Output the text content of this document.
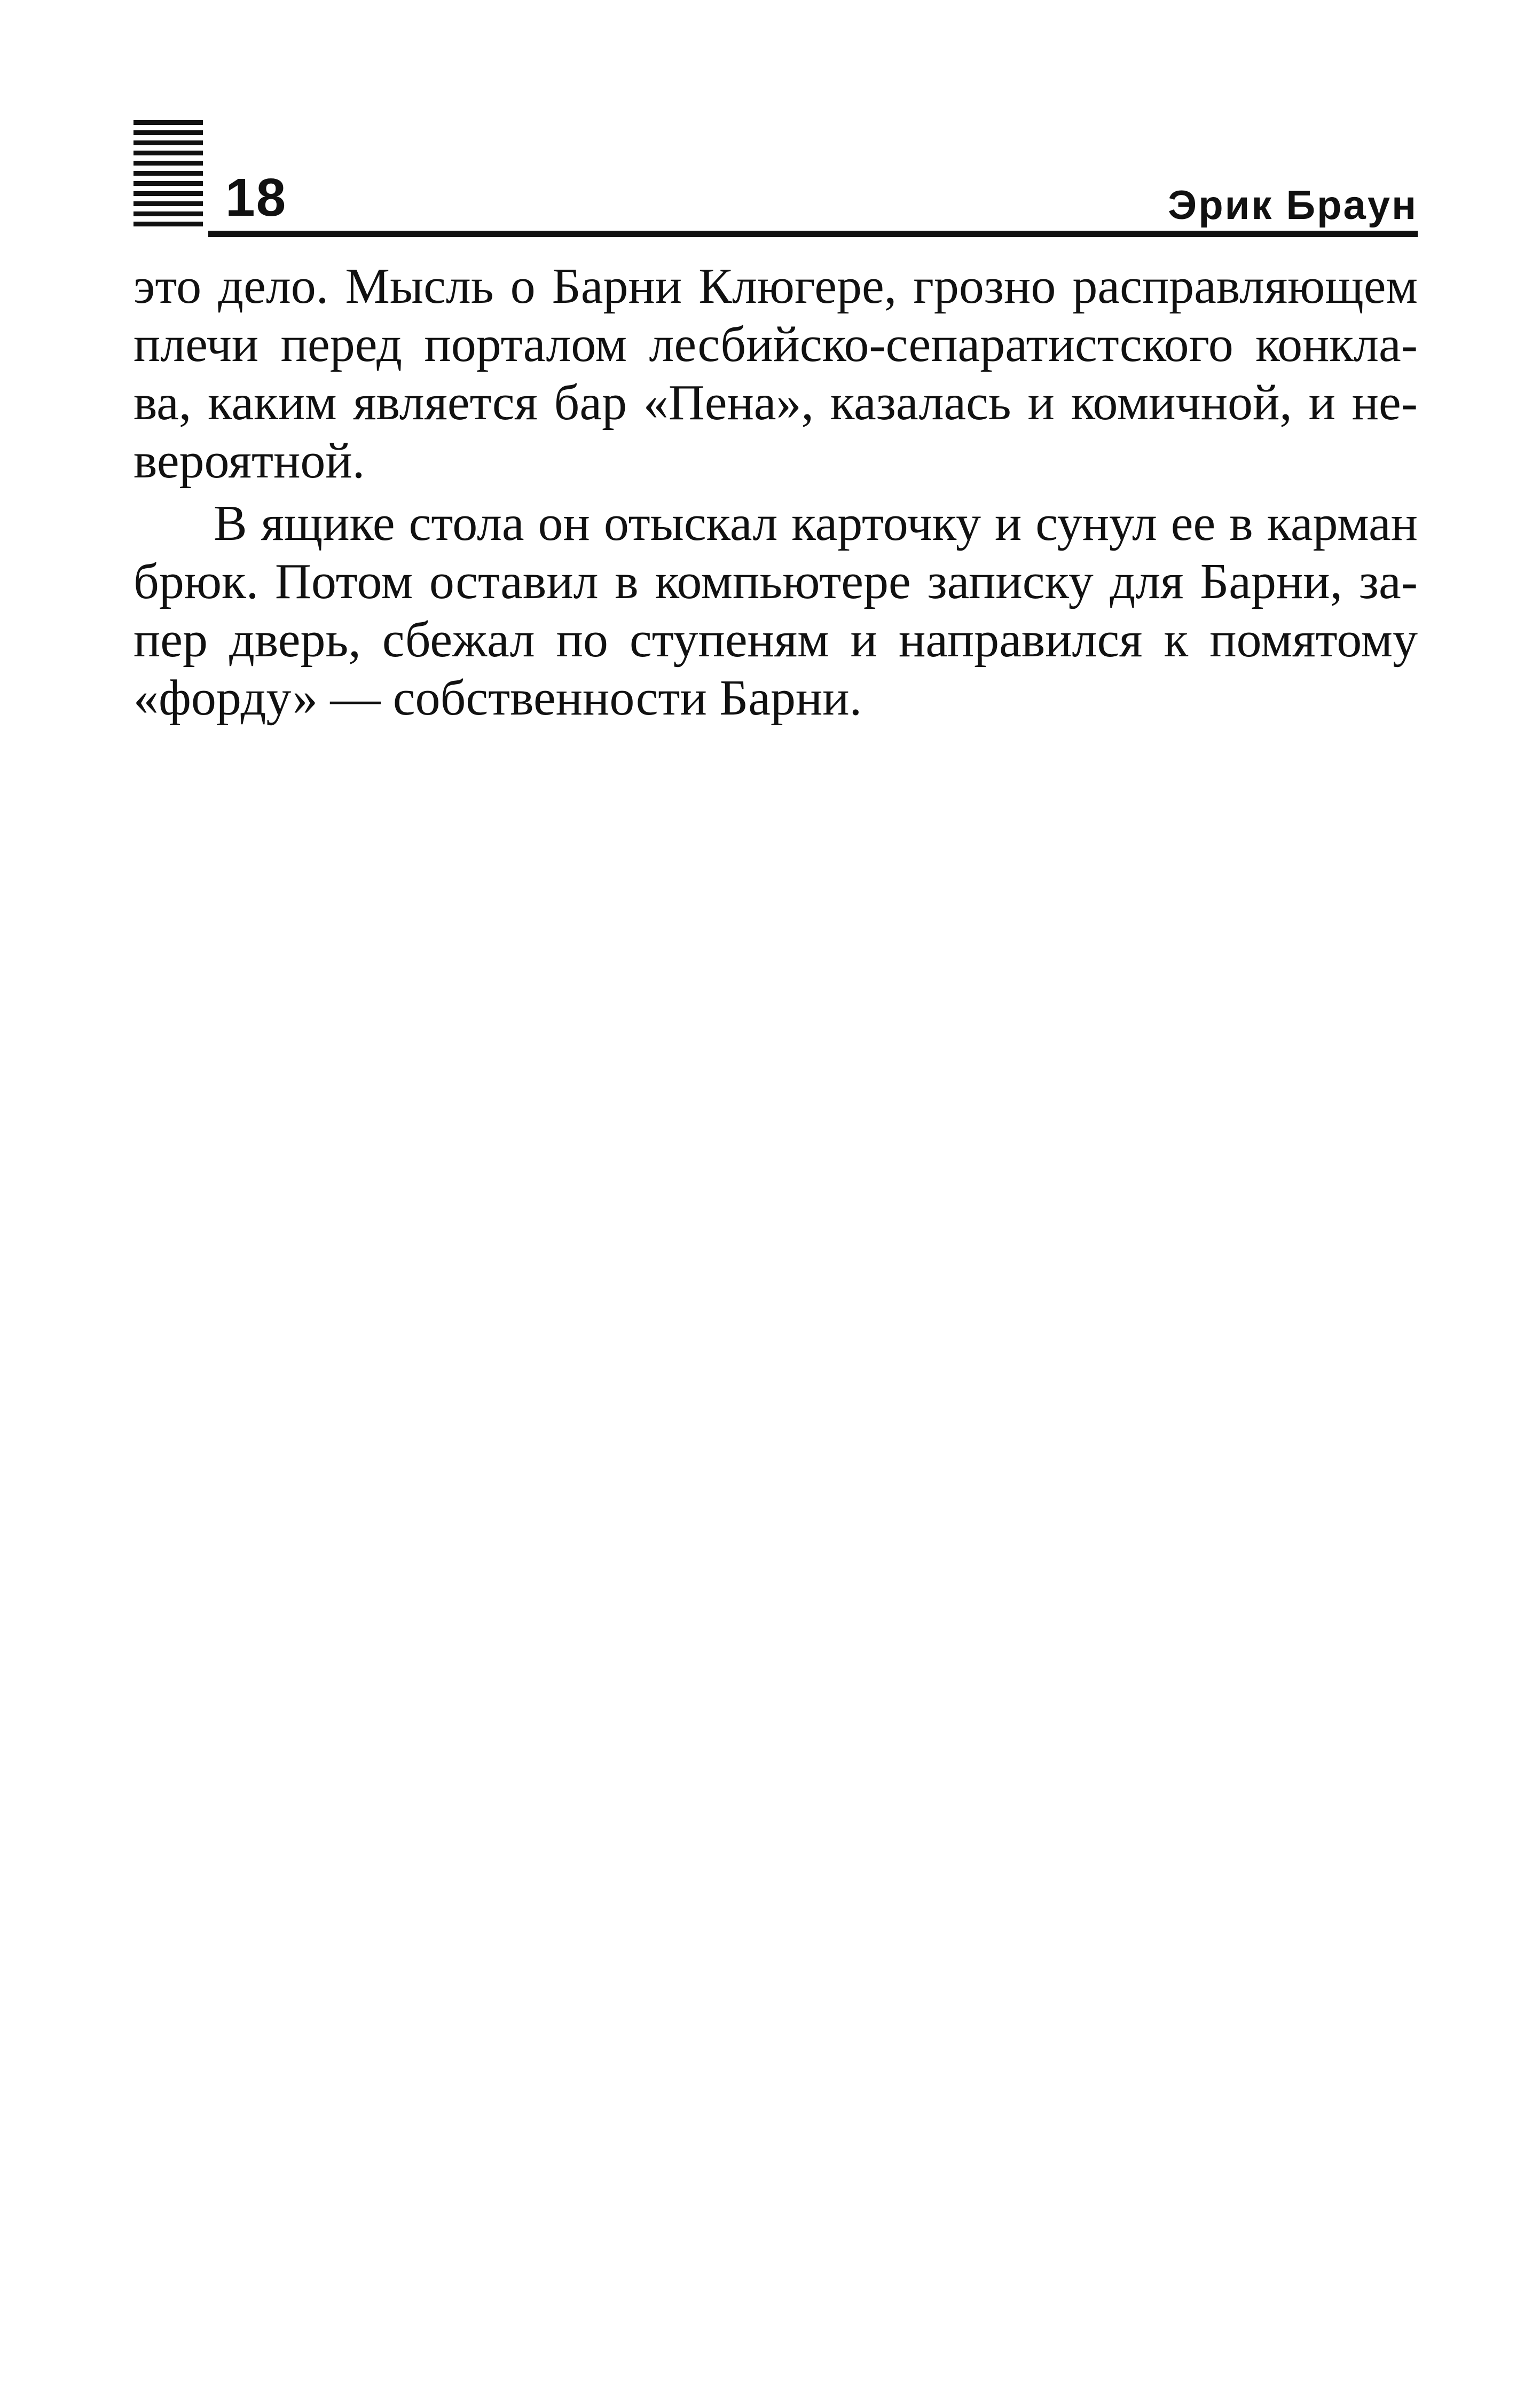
18	Эрик Браун

это дело. Мысль о Барни Клюгере, грозно расправляющем
плечи перед порталом лесбийско-сепаратистского конкла-
ва, каким является бар «Пена», казалась и комичной, и не-
вероятной.

В ящике стола он отыскал карточку и сунул ее в карман
брюк. Потом оставил в компьютере записку для Барни, за-
пер дверь, сбежал по ступеням и направился к помятому
«форду» — собственности Барни.
